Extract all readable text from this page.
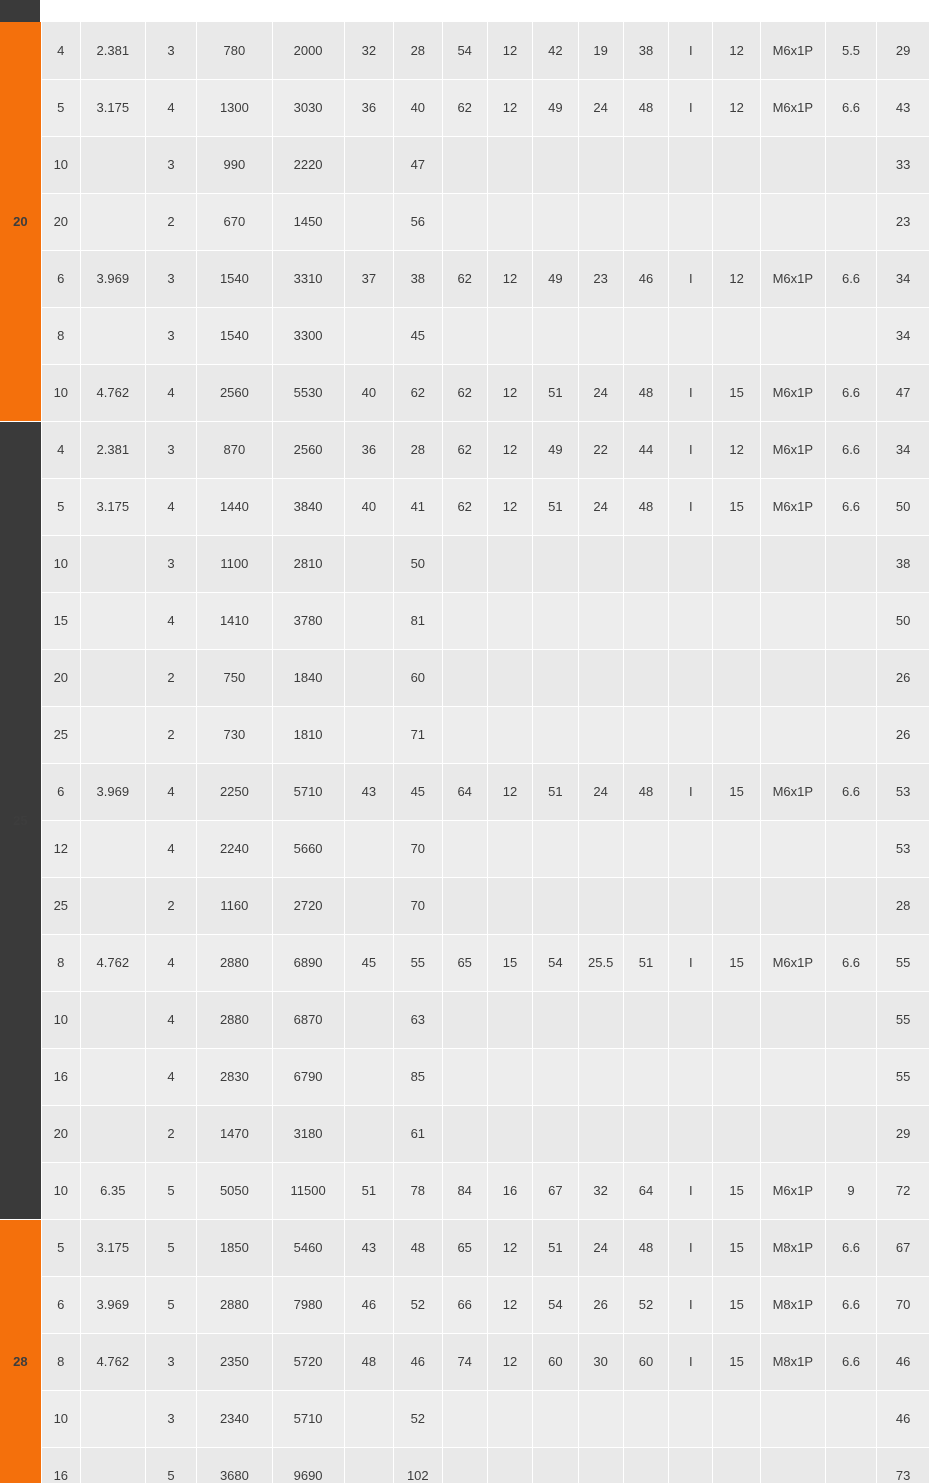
20	4	2.381	3	780	2000	32	28	54	12	42	19	38	I	12	M6x1P	5.5	29
	5	3.175	4	1300	3030	36	40	62	12	49	24	48	I	12	M6x1P	6.6	43
	10		3	990	2220		47										33
	20		2	670	1450		56										23
	6	3.969	3	1540	3310	37	38	62	12	49	23	46	I	12	M6x1P	6.6	34
	8		3	1540	3300		45										34
	10	4.762	4	2560	5530	40	62	62	12	51	24	48	I	15	M6x1P	6.6	47
25	4	2.381	3	870	2560	36	28	62	12	49	22	44	I	12	M6x1P	6.6	34
	5	3.175	4	1440	3840	40	41	62	12	51	24	48	I	15	M6x1P	6.6	50
	10		3	1100	2810		50										38
	15		4	1410	3780		81										50
	20		2	750	1840		60										26
	25		2	730	1810		71										26
	6	3.969	4	2250	5710	43	45	64	12	51	24	48	I	15	M6x1P	6.6	53
	12		4	2240	5660		70										53
	25		2	1160	2720		70										28
	8	4.762	4	2880	6890	45	55	65	15	54	25.5	51	I	15	M6x1P	6.6	55
	10		4	2880	6870		63										55
	16		4	2830	6790		85										55
	20		2	1470	3180		61										29
	10	6.35	5	5050	11500	51	78	84	16	67	32	64	I	15	M6x1P	9	72
28	5	3.175	5	1850	5460	43	48	65	12	51	24	48	I	15	M8x1P	6.6	67
	6	3.969	5	2880	7980	46	52	66	12	54	26	52	I	15	M8x1P	6.6	70
	8	4.762	3	2350	5720	48	46	74	12	60	30	60	I	15	M8x1P	6.6	46
	10		3	2340	5710		52										46
	16		5	3680	9690		102										73
